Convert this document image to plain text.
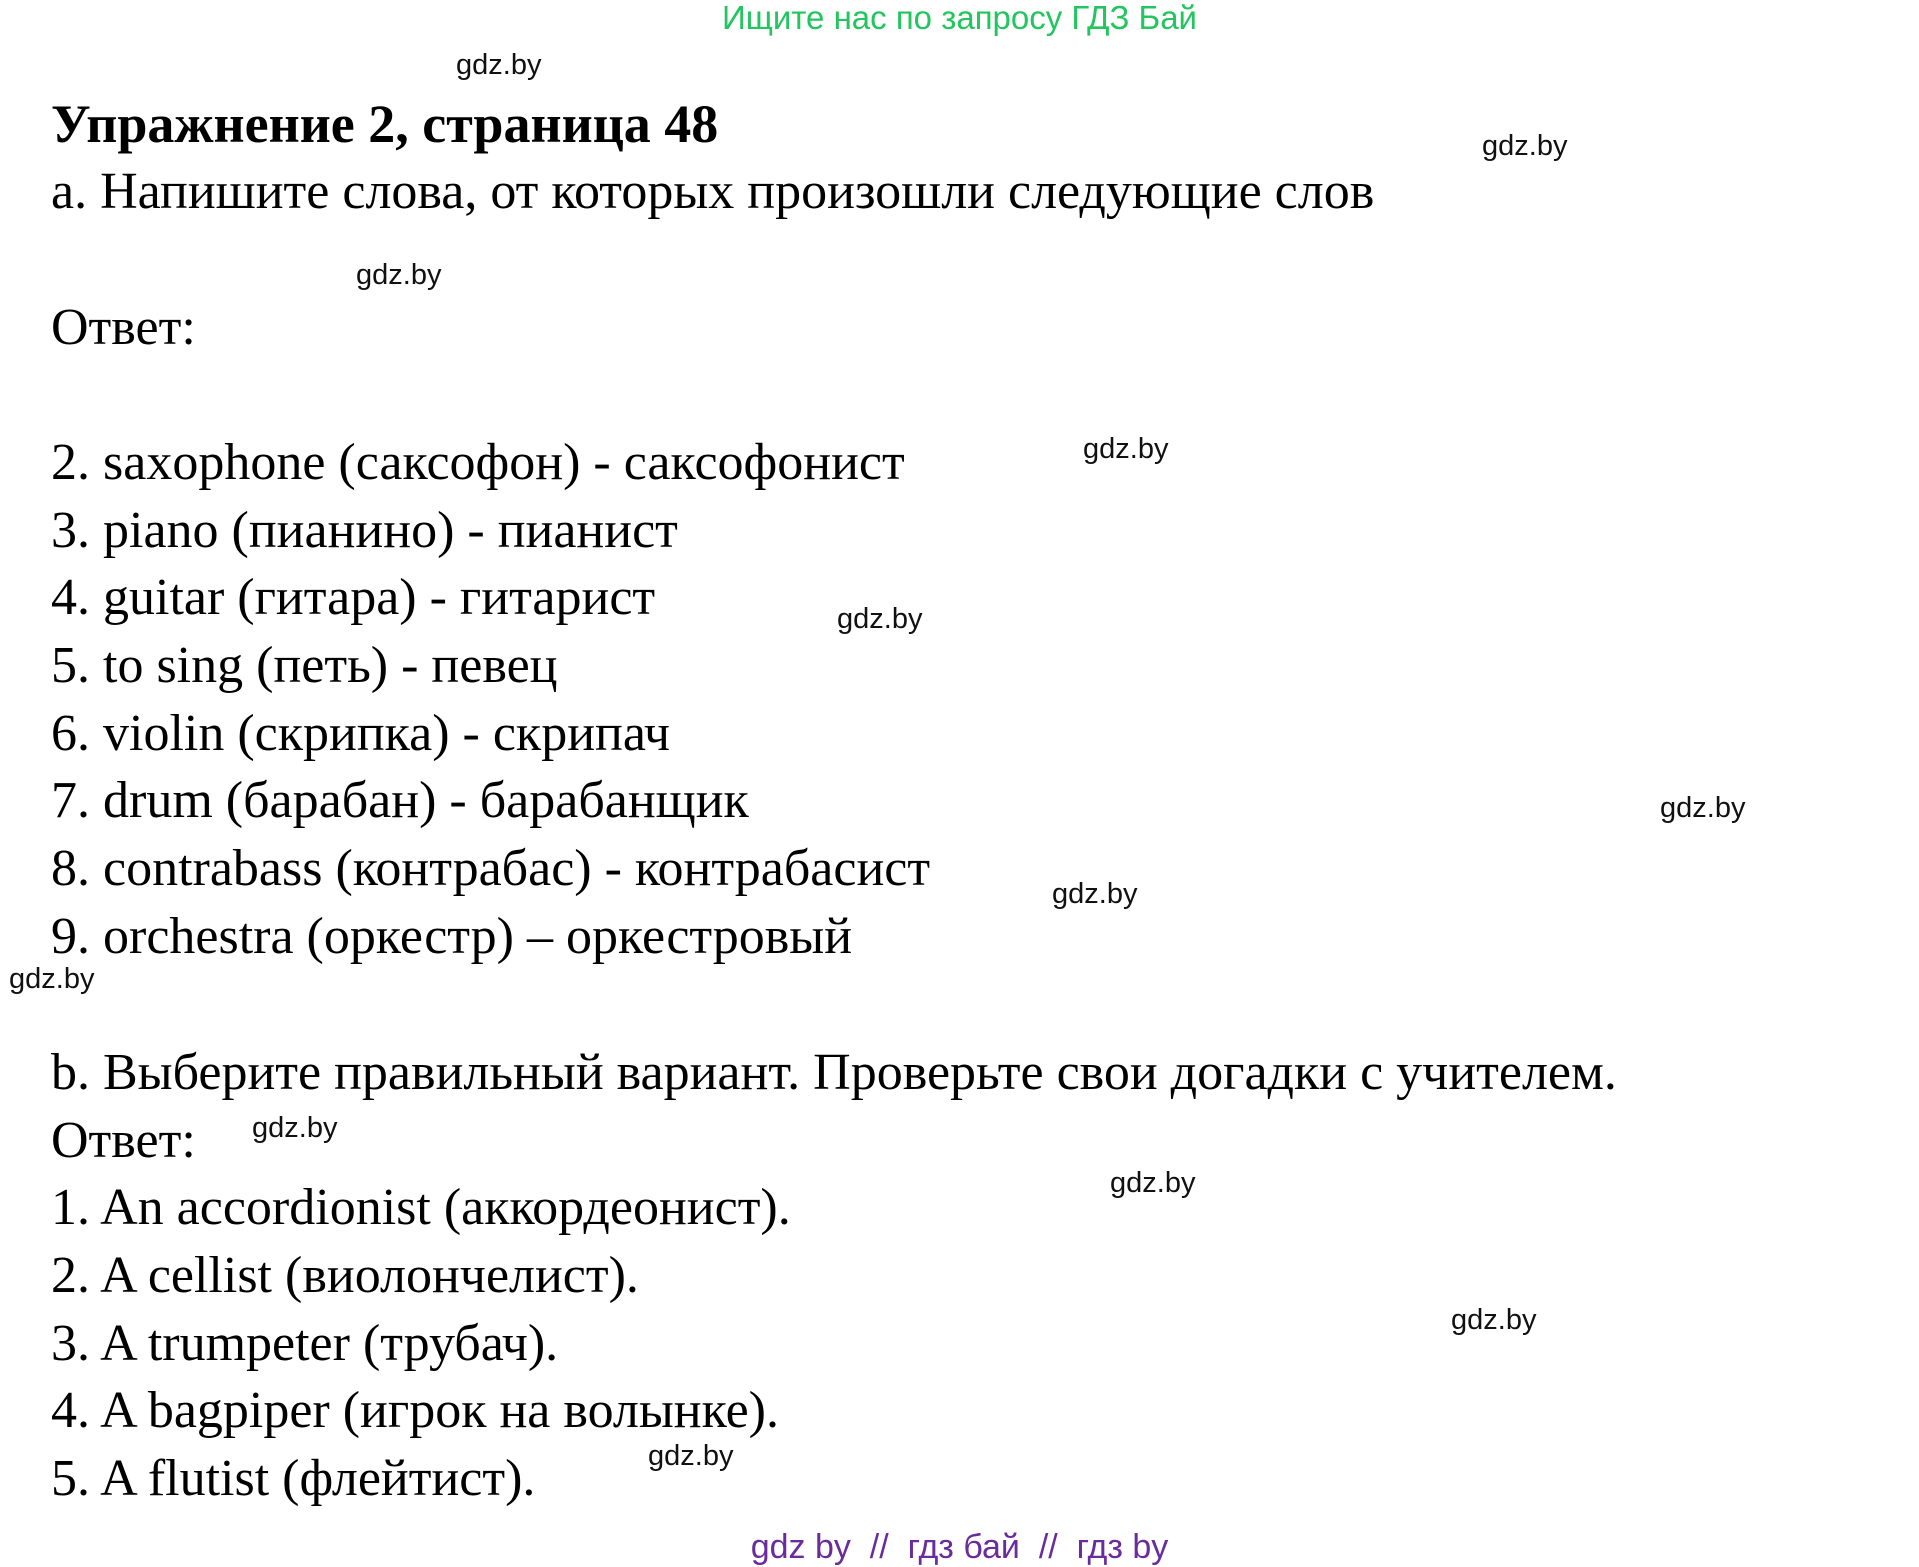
Ищите нас по запросу ГДЗ Бай
gdz.by
gdz.by
gdz.by
gdz.by
gdz.by
gdz.by
gdz.by
gdz.by
gdz.by
gdz.by
gdz.by
gdz.by
Упражнение 2, страница 48
a. Напишите слова, от которых произошли следующие слов
Ответ:
2. saxophone (саксофон) - саксофонист
3. piano (пианино) - пианист
4. guitar (гитара) - гитарист
5. to sing (петь) - певец
6. violin (скрипка) - скрипач
7. drum (барабан) - барабанщик
8. contrabass (контрабас) - контрабасист
9. orchestra (оркестр) – оркестровый
b. Выберите правильный вариант. Проверьте свои догадки с учителем.
Ответ:
1. An accordionist (аккордеонист).
2. A cellist (виолончелист).
3. A trumpeter (трубач).
4. A bagpiper (игрок на волынке).
5. A flutist (флейтист).
gdz by  //  гдз бай  //  гдз by
